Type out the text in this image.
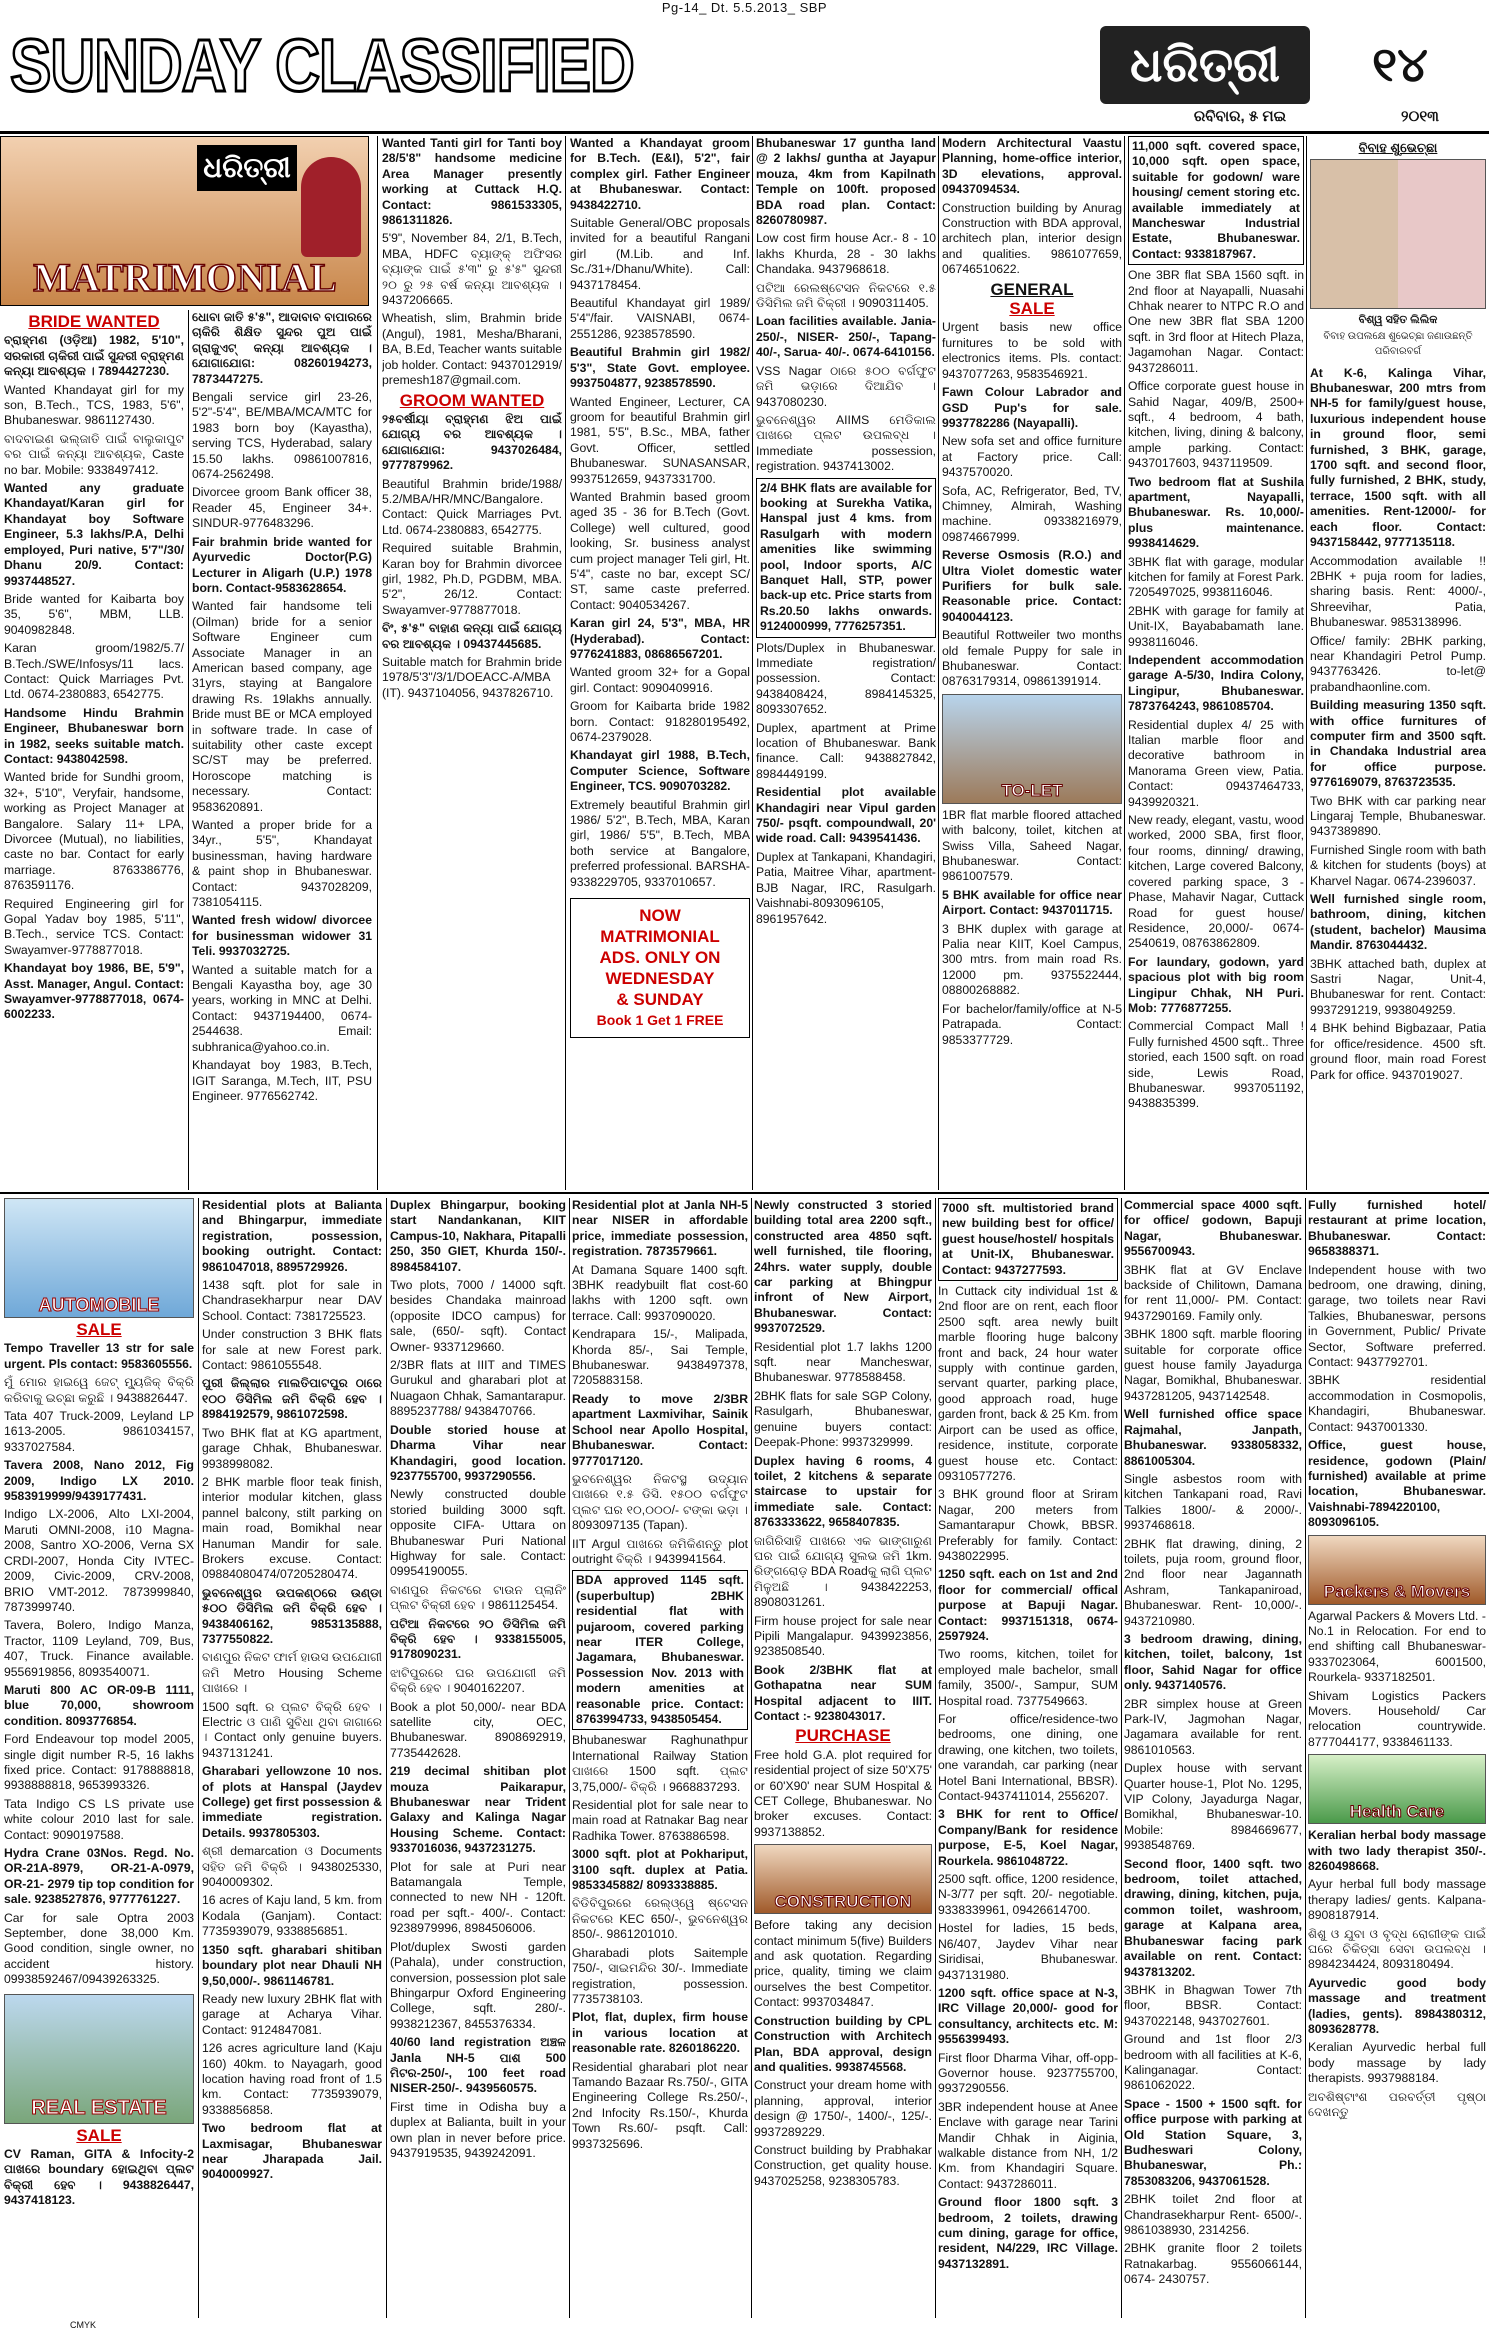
Pg-14_ Dt. 5.5.2013_ SBP
SUNDAY CLASSIFIED	ଧରିତ୍ରୀ	୧୪
ରବିବାର, ୫ ମଇ	୨୦୧୩
ଧରିତ୍ରୀ
MATRIMONIAL
BRIDE WANTED
ବ୍ରାହ୍ମଣ (ଓଡ଼ିଆ) 1982, 5'10", ସରକାରୀ ଚାକିରୀ ପାଇଁ ସୁନ୍ଦରୀ ବ୍ରାହ୍ମଣ କନ୍ୟା ଆବଶ୍ୟକ । 7894427230.
Wanted Khandayat girl for my son, B.Tech., TCS, 1983, 5'6", Bhubaneswar. 9861127430.
ବାଦବାଇଣ ଭଲ୍‌ଜାତି ପାଇଁ ବାଲୁକାପୁଟ ବର ପାଇଁ କନ୍ୟା ଆବଶ୍ୟକ, Caste no bar. Mobile: 9338497412.
Wanted any graduate Khandayat/Karan girl for Khandayat boy Software Engineer, 5.3 lakhs/P.A, Delhi employed, Puri native, 5'7"/30/ Dhanu 20/9. Contact: 9937448527.
Bride wanted for Kaibarta boy 35, 5'6", MBM, LLB. 9040982848.
Karan groom/1982/5.7/ B.Tech./SWE/Infosys/11 lacs. Contact: Quick Marriages Pvt. Ltd. 0674-2380883, 6542775.
Handsome Hindu Brahmin Engineer, Bhubaneswar born in 1982, seeks suitable match. Contact: 9438042598.
Wanted bride for Sundhi groom, 32+, 5'10", Veryfair, handsome, working as Project Manager at Bangalore. Salary 11+ LPA, Divorcee (Mutual), no liabilities, caste no bar. Contact for early marriage. 8763386776, 8763591176.
Required Engineering girl for Gopal Yadav boy 1985, 5'11", B.Tech., service TCS. Contact: Swayamver-9778877018.
Khandayat boy 1986, BE, 5'9", Asst. Manager, Angul. Contact: Swayamver-9778877018, 0674-6002233.
ଧୋବା ଜାତି ୫'୫", ଆଦାବାବ ବାପାରରେ ଚାକିରି ଶିକ୍ଷିତ ସୁନ୍ଦର ପୁଅ ପାଇଁ ଗ୍ରାଜୁଏଟ୍ କନ୍ୟା ଆବଶ୍ୟକ । ଯୋଗାଯୋଗ: 08260194273, 7873447275.
Bengali service girl 23-26, 5'2"-5'4", BE/MBA/MCA/MTC for 1983 born boy (Kayastha), serving TCS, Hyderabad, salary 15.50 lakhs. 09861007816, 0674-2562498.
Divorcee groom Bank officer 38, Reader 45, Engineer 34+. SINDUR-9776483296.
Fair brahmin bride wanted for Ayurvedic Doctor(P.G) Lecturer in Aligarh (U.P.) 1978 born. Contact-9583628654.
Wanted fair handsome teli (Oilman) bride for a senior Software Engineer cum Associate Manager in an American based company, age 31yrs, staying at Bangalore drawing Rs. 19lakhs annually. Bride must BE or MCA employed in software trade. In case of suitability other caste except SC/ST may be preferred. Horoscope matching is necessary. Contact: 9583620891.
Wanted a proper bride for a 34yr., 5'5", Khandayat businessman, having hardware & paint shop in Bhubaneswar. Contact: 9437028209, 7381054115.
Wanted fresh widow/ divorcee for businessman widower 31 Teli. 9937032725.
Wanted a suitable match for a Bengali Kayastha boy, age 30 years, working in MNC at Delhi. Contact: 9437194400, 0674-2544638. Email: subhranica@yahoo.co.in.
Khandayat boy 1983, B.Tech, IGIT Saranga, M.Tech, IIT, PSU Engineer. 9776562742.
Wanted Tanti girl for Tanti boy 28/5'8" handsome medicine Area Manager presently working at Cuttack H.Q. Contact: 9861533305, 9861311826.
5'9", November 84, 2/1, B.Tech, MBA, HDFC ବ୍ୟାଙ୍କ୍ ଅଫିସର ବ୍ୟାଙ୍କ ପାଇଁ ୫'୩" ରୁ ୫'୫" ସୁନ୍ଦରୀ ୨୦ ରୁ ୨୫ ବର୍ଷ କନ୍ୟା ଆବଶ୍ୟକ । 9437206665.
Wheatish, slim, Brahmin bride (Angul), 1981, Mesha/Bharani, BA, B.Ed, Teacher wants suitable job holder. Contact: 9437012919/ premesh187@gmail.com.
GROOM WANTED
୨୫ବର୍ଷୀୟା ବ୍ରାହ୍ମଣ ଝିଅ ପାଇଁ ଯୋଗ୍ୟ ବର ଆବଶ୍ୟକ । ଯୋଗାଯୋଗ: 9437026484, 9777879962.
Beautiful Brahmin bride/1988/ 5.2/MBA/HR/MNC/Bangalore. Contact: Quick Marriages Pvt. Ltd. 0674-2380883, 6542775.
Required suitable Brahmin, Karan boy for Brahmin divorcee girl, 1982, Ph.D, PGDBM, MBA. 5'2", 26/12. Contact: Swayamver-9778877018.
ବିଂ, ୫'୫" ବାହାଣ କନ୍ୟା ପାଇଁ ଯୋଗ୍ୟ ବର ଆବଶ୍ୟକ । 09437445685.
Suitable match for Brahmin bride 1978/5'3"/3/1/DOEACC-A/MBA (IT). 9437104056, 9437826710.
Wanted a Khandayat groom for B.Tech. (E&I), 5'2", fair complex girl. Father Engineer at Bhubaneswar. Contact: 9438422710.
Suitable General/OBC proposals invited for a beautiful Rangani girl (M.Lib. and Inf. Sc./31+/Dhanu/White). Call: 9437178454.
Beautiful Khandayat girl 1989/ 5'4"/fair. VAISNABI, 0674-2551286, 9238578590.
Beautiful Brahmin girl 1982/ 5'3", State Govt. employee. 9937504877, 9238578590.
Wanted Engineer, Lecturer, CA groom for beautiful Brahmin girl 1981, 5'5", B.Sc., MBA, father Govt. Officer, settled Bhubaneswar. SUNASANSAR, 9937512659, 9437331700.
Wanted Brahmin based groom aged 35 - 36 for B.Tech (Govt. College) well cultured, good looking, Sr. business analyst cum project manager Teli girl, Ht. 5'4", caste no bar, except SC/ ST, same caste preferred. Contact: 9040534267.
Karan girl 24, 5'3", MBA, HR (Hyderabad). Contact: 9776241883, 08686567201.
Wanted groom 32+ for a Gopal girl. Contact: 9090409916.
Groom for Kaibarta bride 1982 born. Contact: 918280195492, 0674-2379028.
Khandayat girl 1988, B.Tech, Computer Science, Software Engineer, TCS. 9090703282.
Extremely beautiful Brahmin girl 1986/ 5'2", B.Tech, MBA, Karan girl, 1986/ 5'5", B.Tech, MBA both service at Bangalore, preferred professional. BARSHA-9338229705, 9337010657.
NOW
MATRIMONIAL
ADS. ONLY ON
WEDNESDAY
& SUNDAY
Book 1 Get 1 FREE
Bhubaneswar 17 guntha land @ 2 lakhs/ guntha at Jayapur mouza, 4km from Kapilnath Temple on 100ft. proposed BDA road plan. Contact: 8260780987.
Low cost firm house Acr.- 8 - 10 lakhs Khurda, 28 - 30 lakhs Chandaka. 9437968618.
ପଟିଆ ରେଲଷ୍ଟେସନ ନିକଟରେ ୧.୫ ଡିସିମିଲ ଜମି ବିକ୍ରୀ । 9090311405.
Loan facilities available. Jania- 250/-, NISER- 250/-, Tapang- 40/-, Sarua- 40/-. 0674-6410156.
VSS Nagar ଠାରେ ୫୦୦ ବର୍ଗଫୁଟ ଜମି ଭଡ଼ାରେ ଦିଆଯିବ । 9437080230.
ଭୁବନେଶ୍ୱର AIIMS ମେଡିକାଲ ପାଖରେ ପ୍ଲଟ ଉପଲବ୍ଧ । Immediate possession, registration. 9437413002.
2/4 BHK flats are available for booking at Surekha Vatika, Hanspal just 4 kms. from Rasulgarh with modern amenities like swimming pool, Indoor sports, A/C Banquet Hall, STP, power back-up etc. Price starts from Rs.20.50 lakhs onwards. 9124000999, 7776257351.
Plots/Duplex in Bhubaneswar. Immediate registration/ possession. Contact: 9438408424, 8984145325, 8093307652.
Duplex, apartment at Prime location of Bhubaneswar. Bank finance. Call: 9438827842, 8984449199.
Residential plot available Khandagiri near Vipul garden 750/- psqft. compoundwall, 20' wide road. Call: 9439541436.
Duplex at Tankapani, Khandagiri, Patia, Maitree Vihar, apartment-BJB Nagar, IRC, Rasulgarh. Vaishnabi-8093096105, 8961957642.
Modern Architectural Vaastu Planning, home-office interior, 3D elevations, approval. 09437094534.
Construction building by Anurag Construction with BDA approval, architech plan, interior design and qualities. 9861077659, 06746510622.
GENERAL
SALE
Urgent basis new office furnitures to be sold with electronics items. Pls. contact: 9437077263, 9583546921.
Fawn Colour Labrador and GSD Pup's for sale. 9937782286 (Nayapalli).
New sofa set and office furniture at Factory price. Call: 9437570020.
Sofa, AC, Refrigerator, Bed, TV, Chimney, Almirah, Washing machine. 09338216979, 09874667999.
Reverse Osmosis (R.O.) and Ultra Violet domestic water Purifiers for bulk sale. Reasonable price. Contact: 9040044123.
Beautiful Rottweiler two months old female Puppy for sale in Bhubaneswar. Contact: 08763179314, 09861391914.
TO-LET
1BR flat marble floored attached with balcony, toilet, kitchen at Swiss Villa, Saheed Nagar, Bhubaneswar. Contact: 9861007579.
5 BHK available for office near Airport. Contact: 9437011715.
3 BHK duplex with garage at Palia near KIIT, Koel Campus, 300 mtrs. from main road Rs. 12000 pm. 9375522444, 08800268882.
For bachelor/family/office at N-5 Patrapada. Contact: 9853377729.
11,000 sqft. covered space, 10,000 sqft. open space, suitable for godown/ ware housing/ cement storing etc. available immediately at Mancheswar Industrial Estate, Bhubaneswar. Contact: 9338187967.
One 3BR flat SBA 1560 sqft. in 2nd floor at Nayapalli, Nuasahi Chhak nearer to NTPC R.O and One new 3BR flat SBA 1200 sqft. in 3rd floor at Hitech Plaza, Jagamohan Nagar. Contact: 9437286011.
Office corporate guest house in Sahid Nagar, 409/B, 2500+ sqft., 4 bedroom, 4 bath, kitchen, living, dining & balcony, ample parking. Contact: 9437017603, 9437119509.
Two bedroom flat at Sushila apartment, Nayapalli, Bhubaneswar. Rs. 10,000/- plus maintenance. 9938414629.
3BHK flat with garage, modular kitchen for family at Forest Park. 7205497025, 9938116046.
2BHK with garage for family at Unit-IX, Bayababamath lane. 9938116046.
Independent accommodation garage A-5/30, Indira Colony, Lingipur, Bhubaneswar. 7873764243, 9861085704.
Residential duplex 4/ 25 with Italian marble floor and decorative bathroom in Manorama Green view, Patia. Contact: 09437464733, 9439920321.
New ready, elegant, vastu, wood worked, 2000 SBA, first floor, four rooms, dinning/ drawing, kitchen, Large covered Balcony, covered parking space, 3 - Phase, Mahavir Nagar, Cuttack Road for guest house/ Residence, 20,000/- 0674-2540619, 08763862809.
For laundary, godown, yard spacious plot with big room Lingipur Chhak, NH Puri. Mob: 7776877255.
Commercial Compact Mall ! Fully furnished 4500 sqft.. Three storied, each 1500 sqft. on road side, Lewis Road, Bhubaneswar. 9937051192, 9438835399.
ବିବାହ ଶୁଭେଚ୍ଛା
ବିଶ୍ୱ ସହିତ ଲିଲିକ
ବିବାହ ଉପଲକ୍ଷେ ଶୁଭେଚ୍ଛା ଜଣାଉଛନ୍ତି ପରିବାରବର୍ଗ
At K-6, Kalinga Vihar, Bhubaneswar, 200 mtrs from NH-5 for family/guest house, luxurious independent house in ground floor, semi furnished, 3 BHK, garage, 1700 sqft. and second floor, fully furnished, 2 BHK, study, terrace, 1500 sqft. with all amenities. Rent-12000/- for each floor. Contact: 9437158442, 9777135118.
Accommodation available !! 2BHK + puja room for ladies, sharing basis. Rent: 4000/-, Shreevihar, Patia, Bhubaneswar. 9853138996.
Office/ family: 2BHK parking, near Khandagiri Petrol Pump. 9437763426. to-let@ prabandhaonline.com.
Building measuring 1350 sqft. with office furnitures of computer firm and 3500 sqft. in Chandaka Industrial area for office purpose. 9776169079, 8763723535.
Two BHK with car parking near Lingaraj Temple, Bhubaneswar. 9437389890.
Furnished Single room with bath & kitchen for students (boys) at Kharvel Nagar. 0674-2396037.
Well furnished single room, bathroom, dining, kitchen (student, bachelor) Mausima Mandir. 8763044432.
3BHK attached bath, duplex at Sastri Nagar, Unit-4, Bhubaneswar for rent. Contact: 9937291219, 9938049259.
4 BHK behind Bigbazaar, Patia for office/residence. 4500 sft. ground floor, main road Forest Park for office. 9437019027.
AUTOMOBILE
SALE
Tempo Traveller 13 str for sale urgent. Pls contact: 9583605556.
ମୁଁ ମୋର ହାଇୱେ ଜେଟ୍ ମ୍ୟୁଜିକ୍ ବିକ୍ରି କରିବାକୁ ଇଚ୍ଛା କରୁଛି । 9438826447.
Tata 407 Truck-2009, Leyland LP 1613-2005. 9861034157, 9337027584.
Tavera 2008, Nano 2012, Fig 2009, Indigo LX 2010. 9583919999/9439177431.
Indigo LX-2006, Alto LXI-2004, Maruti OMNI-2008, i10 Magna-2008, Santro XO-2006, Verna SX CRDI-2007, Honda City IVTEC-2009, Civic-2009, CRV-2008, BRIO VMT-2012. 7873999840, 7873999740.
Tavera, Bolero, Indigo Manza, Tractor, 1109 Leyland, 709, Bus, 407, Truck. Finance available. 9556919856, 8093540071.
Maruti 800 AC OR-09-B 1111, blue 70,000, showroom condition. 8093776854.
Ford Endeavour top model 2005, single digit number R-5, 16 lakhs fixed price. Contact: 9178888818, 9938888818, 9653993326.
Tata Indigo CS LS private use white colour 2010 last for sale. Contact: 9090197588.
Hydra Crane 03Nos. Regd. No. OR-21A-8979, OR-21-A-0979, OR-21- 2979 tip top condition for sale. 9238527876, 9777761227.
Car for sale Optra 2003 September, done 38,000 Km. Good condition, single owner, no accident history. 09938592467/09439263325.
REAL ESTATE
SALE
CV Raman, GITA & Infocity-2 ପାଖରେ boundary ହୋଇଥିବା ପ୍ଲଟ ବିକ୍ରୀ ହେବ । 9438826447, 9437418123.
Residential plots at Balianta and Bhingarpur, immediate registration, possession, booking outright. Contact: 9861047018, 8895729926.
1438 sqft. plot for sale in Chandrasekharpur near DAV School. Contact: 7381725523.
Under construction 3 BHK flats for sale at new Forest park. Contact: 9861055548.
ପୁରୀ ଜିଲ୍ଲାର ମାଲତିପାଟପୁର ଠାରେ ୧୦୦ ଡିସିମିଲ ଜମି ବିକ୍ରି ହେବ । 8984192579, 9861072598.
Two BHK flat at KG apartment, garage Chhak, Bhubaneswar. 9938998082.
2 BHK marble floor teak finish, interior modular kitchen, glass pannel balcony, stilt parking on main road, Bomikhal near Hanuman Mandir for sale. Brokers excuse. Contact: 09884080474/07205280474.
ଭୁବନେଶ୍ୱର ଉପକଣ୍ଠରେ ଉଣ୍ଡା ୫୦୦ ଡିସିମିଲ ଜମି ବିକ୍ରି ହେବ । 9438406162, 9853135888, 7377550822.
ବାଣପୁର ନିକଟ ଫାର୍ମ ହାଉସ ଉପଯୋଗୀ ଜମି Metro Housing Scheme ପାଖରେ ।
1500 sqft. ର ପ୍ଲଟ ବିକ୍ରି ହେବ । Electric ଓ ପାଣି ସୁବିଧା ଥିବା ଜାଗାରେ । Contact only genuine buyers. 9437131241.
Gharabari yellowzone 10 nos. of plots at Hanspal (Jaydev College) get first possession & immediate registration. Details. 9937805303.
ଶ୍ରୀ demarcation ଓ Documents ସହିତ ଜମି ବିକ୍ରି । 9438025330, 9040009302.
16 acres of Kaju land, 5 km. from Kodala (Ganjam). Contact: 7735939079, 9338856851.
1350 sqft. gharabari shitiban boundary plot near Dhauli NH 9,50,000/-. 9861146781.
Ready new luxury 2BHK flat with garage at Acharya Vihar. Contact: 9124847081.
126 acres agriculture land (Kaju 160) 40km. to Nayagarh, good location having road front of 1.5 km. Contact: 7735939079, 9338856858.
Two bedroom flat at Laxmisagar, Bhubaneswar near Jharapada Jail. 9040009927.
Duplex Bhingarpur, booking start Nandankanan, KIIT Campus-10, Nakhara, Pitapalli 250, 350 GIET, Khurda 150/-. 8984584107.
Two plots, 7000 / 14000 sqft. besides Chandaka mainroad (opposite IDCO campus) for sale, (650/- sqft). Contact Owner- 9337129660.
2/3BR flats at IIIT and TIMES Gurukul and gharabari plot at Nuagaon Chhak, Samantarapur. 8895237788/ 9438470766.
Double storied house at Dharma Vihar near Khandagiri, good location. 9237755700, 9937290556.
Newly constructed double storied building 3000 sqft. opposite CIFA- Uttara on Bhubaneswar Puri National Highway for sale. Contact: 09954190055.
ବାଣପୁର ନିକଟରେ ଟାଉନ ପ୍ଲାନିଂ ପ୍ଲଟ ବିକ୍ରୀ ହେବ । 9861125454.
ପଟିଆ ନିକଟରେ ୨୦ ଡିସିମିଲ ଜମି ବିକ୍ରି ହେବ । 9338155005, 9178090231.
ଝାଟିପୁରରେ ଘର ଉପଯୋଗୀ ଜମି ବିକ୍ରି ହେବ । 9040162207.
Book a plot 50,000/- near BDA satellite city, OEC, Bhubaneswar. 8908692919, 7735442628.
219 decimal shitiban plot mouza Paikarapur, Bhubaneswar near Trident Galaxy and Kalinga Nagar Housing Scheme. Contact: 9337016036, 9437231275.
Plot for sale at Puri near Batamangala Temple, connected to new NH - 120ft. road per sqft.- 400/-. Contact: 9238979996, 8984506006.
Plot/duplex Swosti garden (Pahala), under construction, conversion, possession plot sale Bhingarpur Oxford Engineering College, sqft. 280/-. 9938212367, 8455376334.
40/60 land registration ଅଞ୍ଚଳ Janla NH-5 ପାଶ 500 ମିଟର-250/-, 100 feet road NISER-250/-. 9439560575.
First time in Odisha buy a duplex at Balianta, built in your own plan in never before price. 9437919535, 9439242091.
Residential plot at Janla NH-5 near NISER in affordable price, immediate possession, registration. 7873579661.
At Damana Square 1400 sqft. 3BHK readybuilt flat cost-60 lakhs with 1200 sqft. own terrace. Call: 9937090020.
Kendrapara 15/-, Malipada, Khorda 85/-, Sai Temple, Bhubaneswar. 9438497378, 7205883158.
Ready to move 2/3BR apartment Laxmivihar, Sainik School near Apollo Hospital, Bhubaneswar. Contact: 9777017120.
ଭୁବନେଶ୍ୱର ନିକଟସ୍ଥ ଉଦ୍ୟାନ ପାଖରେ ୧.୫ ଡିସି. ୧୫୦୦ ବର୍ଗଫୁଟ ପ୍ଲଟ ଘର ୧୦,୦୦୦/- ଟଙ୍କା ଭଡ଼ା । 8093097135 (Tapan).
IIT Argul ପାଖରେ ଜମିକିଣନ୍ତୁ plot outright ବିକ୍ରି । 9439941564.
BDA approved 1145 sqft. (superbultup) 2BHK residential flat with pujaroom, covered parking near ITER College, Jagamara, Bhubaneswar. Possession Nov. 2013 with modern amenities at reasonable price. Contact: 8763994733, 9438505454.
Bhubaneswar Raghunathpur International Railway Station ପାଖରେ 1500 sqft. ପ୍ଲଟ 3,75,000/- ବିକ୍ରି । 9668837293.
Residential plot for sale near to main road at Ratnakar Bag near Radhika Tower. 8763886598.
3000 sqft. plot at Pokhariput, 3100 sqft. duplex at Patia. 9853345882/ 8093338885.
ବିଡିବିପୁରରେ ରେଲ୍‌ଓ୍ୱେ ଷ୍ଟେସନ ନିକଟରେ KEC 650/-, ଭୁବନେଶ୍ୱର 850/-. 9861201010.
Gharabadi plots Saitemple 750/-, ସାଇମନ୍ଦିର 30/-. Immediate registration, possession. 7735738103.
Plot, flat, duplex, firm house in various location at reasonable rate. 8260186220.
Residential gharabari plot near Tamando Bazaar Rs.750/-, GITA Engineering College Rs.250/-, 2nd Infocity Rs.150/-, Khurda Town Rs.60/- psqft. Call: 9937325696.
Newly constructed 3 storied building total area 2200 sqft., constructed area 4850 sqft. well furnished, tile flooring, 24hrs. water supply, double car parking at Bhingpur infront of New Airport, Bhubaneswar. Contact: 9937072529.
Residential plot 1.7 lakhs 1200 sqft. near Mancheswar, Bhubaneswar. 9778588458.
2BHK flats for sale SGP Colony, Rasulgarh, Bhubaneswar, genuine buyers contact: Deepak-Phone: 9937329999.
Duplex having 6 rooms, 4 toilet, 2 kitchens & separate staircase to upstair for immediate sale. Contact: 8763333622, 9658407835.
ଜାଗିରିସାହି ପାଖରେ ଏକ ଭାଙ୍ଗାରୁଣ ଘର ପାଇଁ ଯୋଗ୍ୟ ସୁଲଭ ଜମି 1km. ରିଙ୍ଗରୋଡ଼ BDA Roadକୁ ଲାଗି ପ୍ଲଟ ମିଳୁଅଛି । 9438422253, 8908031261.
Firm house project for sale near Pipili Mangalapur. 9439923856, 9238508540.
Book 2/3BHK flat at Gothapatna near SUM Hospital adjacent to IIIT. Contact :- 9238043017.
PURCHASE
Free hold G.A. plot required for residential project of size 50'X75' or 60'X90' near SUM Hospital & CET College, Bhubaneswar. No broker excuses. Contact: 9937138852.
CONSTRUCTION
Before taking any decision contact minimum 5(five) Builders and ask quotation. Regarding price, quality, timing we claim ourselves the best Competitor. Contact: 9937034847.
Construction building by CPL Construction with Architech Plan, BDA approval, design and qualities. 9938745568.
Construct your dream home with planning, approval, interior design @ 1750/-, 1400/-, 125/-. 9937289229.
Construct building by Prabhakar Construction, get quality house. 9437025258, 9238305783.
7000 sft. multistoried brand new building best for office/ guest house/hostel/ hospitals at Unit-IX, Bhubaneswar. Contact: 9437277593.
In Cuttack city individual 1st & 2nd floor are on rent, each floor 2500 sqft. area newly built marble flooring huge balcony front and back, 24 hour water supply with continue garden, servant quarter, parking place, good approach road, huge garden front, back & 25 Km. from Airport can be used as office, residence, institute, corporate guest house etc. Contact: 09310577276.
3 BHK ground floor at Sriram Nagar, 200 meters from Samantarapur Chowk, BBSR. Preferably for family. Contact: 9438022995.
1250 sqft. each on 1st and 2nd floor for commercial/ offical purpose at Bapuji Nagar. Contact: 9937151318, 0674-2597924.
Two rooms, kitchen, toilet for employed male bachelor, small family, 3500/-, Sampur, SUM Hospital road. 7377549663.
For office/residence-two bedrooms, one dining, one drawing, one kitchen, two toilets, one varandah, car parking (near Hotel Bani International, BBSR). Contact-9437411014, 2556207.
3 BHK for rent to Office/ Company/Bank for residence purpose, E-5, Koel Nagar, Rourkela. 9861048722.
2500 sqft. office, 1200 residence, N-3/77 per sqft. 20/- negotiable. 9338339961, 09426614700.
Hostel for ladies, 15 beds, N6/407, Jaydev Vihar near Siridisai, Bhubaneswar. 9437131980.
1200 sqft. office space at N-3, IRC Village 20,000/- good for consultancy, architects etc. M: 9556399493.
First floor Dharma Vihar, off-opp-Governor house. 9237755700, 9937290556.
3BR independent house at Anee Enclave with garage near Tarini Mandir Chhak in Aiginia, walkable distance from NH, 1/2 Km. from Khandagiri Square. Contact: 9437286011.
Ground floor 1800 sqft. 3 bedroom, 2 toilets, drawing cum dining, garage for office, resident, N4/229, IRC Village. 9437132891.
Commercial space 4000 sqft. for office/ godown, Bapuji Nagar, Bhubaneswar. 9556700943.
3BHK flat at GV Enclave backside of Chilitown, Damana for rent 11,000/- PM. Contact: 9437290169. Family only.
3BHK 1800 sqft. marble flooring suitable for corporate office guest house family Jayadurga Nagar, Bomikhal, Bhubaneswar. 9437281205, 9437142548.
Well furnished office space Rajmahal, Janpath, Bhubaneswar. 9338058332, 8861005304.
Single asbestos room with kitchen Tankapani road, Ravi Talkies 1800/- & 2000/-. 9937468618.
2BHK flat drawing, dining, 2 toilets, puja room, ground floor, 2nd floor near Jagannath Ashram, Tankapaniroad, Bhubaneswar. Rent- 10,000/-. 9437210980.
3 bedroom drawing, dining, kitchen, toilet, balcony, 1st floor, Sahid Nagar for office only. 9437140576.
2BR simplex house at Green Park-IV, Jagmohan Nagar, Jagamara available for rent. 9861010563.
Duplex house with servant Quarter house-1, Plot No. 1295, VIP Colony, Jayadurga Nagar, Bomikhal, Bhubaneswar-10. Mobile: 8984669677, 9938548769.
Second floor, 1400 sqft. two bedroom, toilet attached, drawing, dining, kitchen, puja, common toilet, washroom, garage at Kalpana area, Bhubaneswar facing park available on rent. Contact: 9437813202.
3BHK in Bhagwan Tower 7th floor, BBSR. Contact: 9437022148, 9437027601.
Ground and 1st floor 2/3 bedroom with all facilities at K-6, Kalinganagar. Contact: 9861062022.
Space - 1500 + 1500 sqft. for office purpose with parking at Old Station Square, 3, Budheswari Colony, Bhubaneswar, Ph.: 7853083206, 9437061528.
2BHK toilet 2nd floor at Chandrasekharpur Rent- 6500/-. 9861038930, 2314256.
2BHK granite floor 2 toilets Ratnakarbag. 9556066144, 0674- 2430757.
Fully furnished hotel/ restaurant at prime location, Bhubaneswar. Contact: 9658388371.
Independent house with two bedroom, one drawing, dining, garage, two toilets near Ravi Talkies, Bhubaneswar, persons in Government, Public/ Private Sector, Software preferred. Contact: 9437792701.
3BHK residential accommodation in Cosmopolis, Khandagiri, Bhubaneswar. Contact: 9437001330.
Office, guest house, residence, godown (Plain/ furnished) available at prime location, Bhubaneswar. Vaishnabi-7894220100, 8093096105.
Packers & Movers
Agarwal Packers & Movers Ltd. - No.1 in Relocation. For end to end shifting call Bhubaneswar- 9337023064, 6001500, Rourkela- 9337182501.
Shivam Logistics Packers Movers. Household/ Car relocation countrywide. 8777044177, 9338461133.
Health Care
Keralian herbal body massage with two lady therapist 350/-. 8260498668.
Ayur herbal full body massage therapy ladies/ gents. Kalpana- 8908187914.
ଶିଶୁ ଓ ଯୁବା ଓ ବୃଦ୍ଧ ରୋଗୀଙ୍କ ପାଇଁ ଘରେ ଚିକିତ୍ସା ସେବା ଉପଲବ୍ଧ । 8984234424, 8093180494.
Ayurvedic good body massage and treatment (ladies, gents). 8984380312, 8093628778.
Keralian Ayurvedic herbal full body massage by lady therapists. 9937988184.
ଅବଶିଷ୍ଟାଂଶ ପରବର୍ତ୍ତୀ ପୃଷ୍ଠା ଦେଖନ୍ତୁ
CMYK
